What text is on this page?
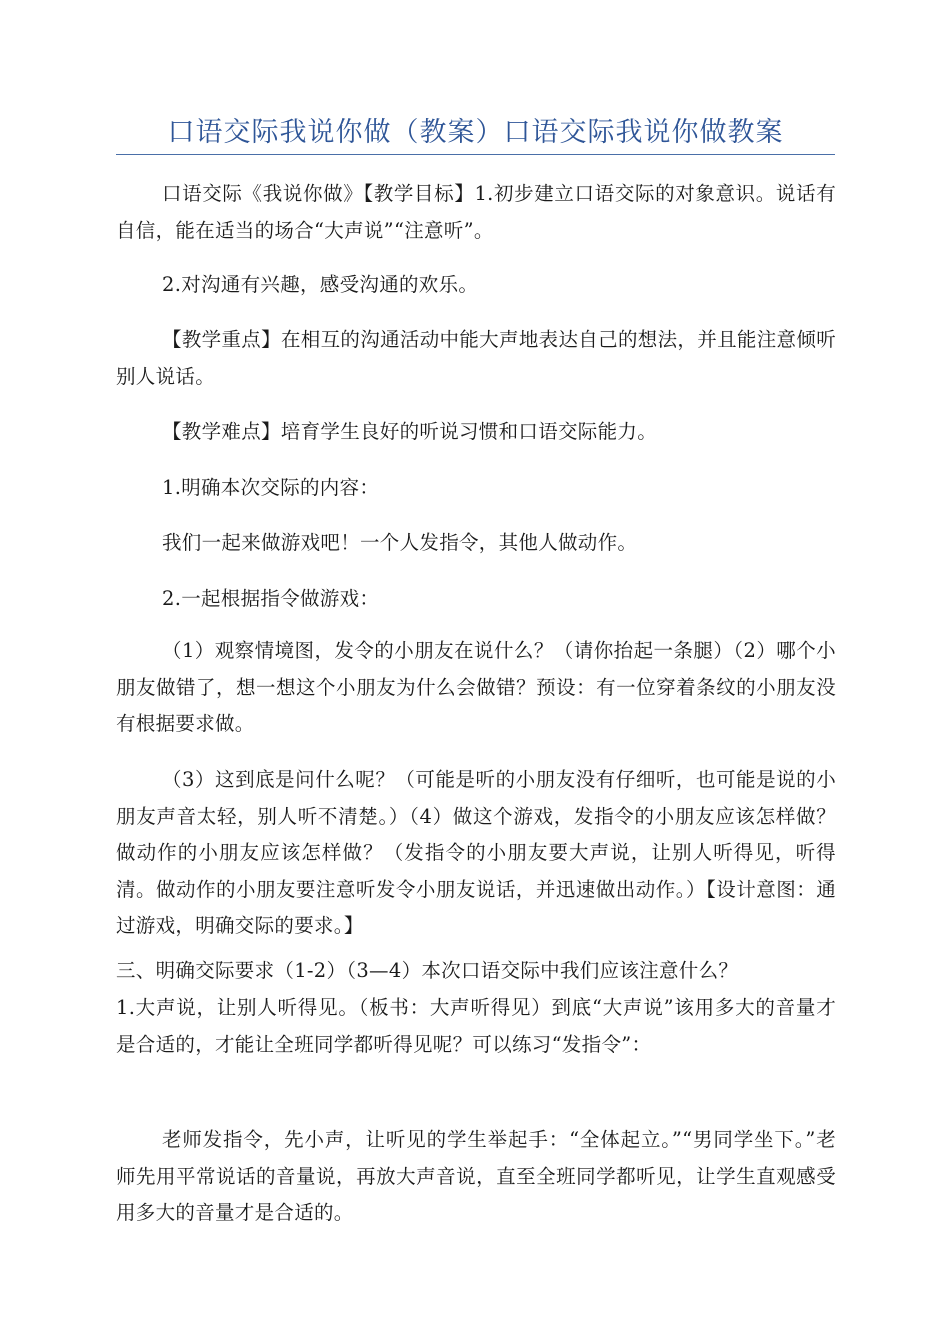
口语交际我说你做（教案）口语交际我说你做教案

口语交际《我说你做》【教学目标】1.初步建立口语交际的对象意识。说话有自信，能在适当的场合“大声说”“注意听”。

2.对沟通有兴趣，感受沟通的欢乐。

【教学重点】在相互的沟通活动中能大声地表达自己的想法，并且能注意倾听别人说话。

【教学难点】培育学生良好的听说习惯和口语交际能力。

1.明确本次交际的内容：

我们一起来做游戏吧！一个人发指令，其他人做动作。

2.一起根据指令做游戏：

（1）观察情境图，发令的小朋友在说什么？（请你抬起一条腿）（2）哪个小朋友做错了，想一想这个小朋友为什么会做错？预设：有一位穿着条纹的小朋友没有根据要求做。

（3）这到底是问什么呢？（可能是听的小朋友没有仔细听，也可能是说的小朋友声音太轻，别人听不清楚。）（4）做这个游戏，发指令的小朋友应该怎样做？做动作的小朋友应该怎样做？（发指令的小朋友要大声说，让别人听得见，听得清。做动作的小朋友要注意听发令小朋友说话，并迅速做出动作。）【设计意图：通过游戏，明确交际的要求。】

三、明确交际要求（1-2）（3—4）本次口语交际中我们应该注意什么？

1.大声说，让别人听得见。（板书：大声听得见）到底“大声说”该用多大的音量才是合适的，才能让全班同学都听得见呢？可以练习“发指令”：

老师发指令，先小声，让听见的学生举起手：“全体起立。”“男同学坐下。”老师先用平常说话的音量说，再放大声音说，直至全班同学都听见，让学生直观感受用多大的音量才是合适的。
